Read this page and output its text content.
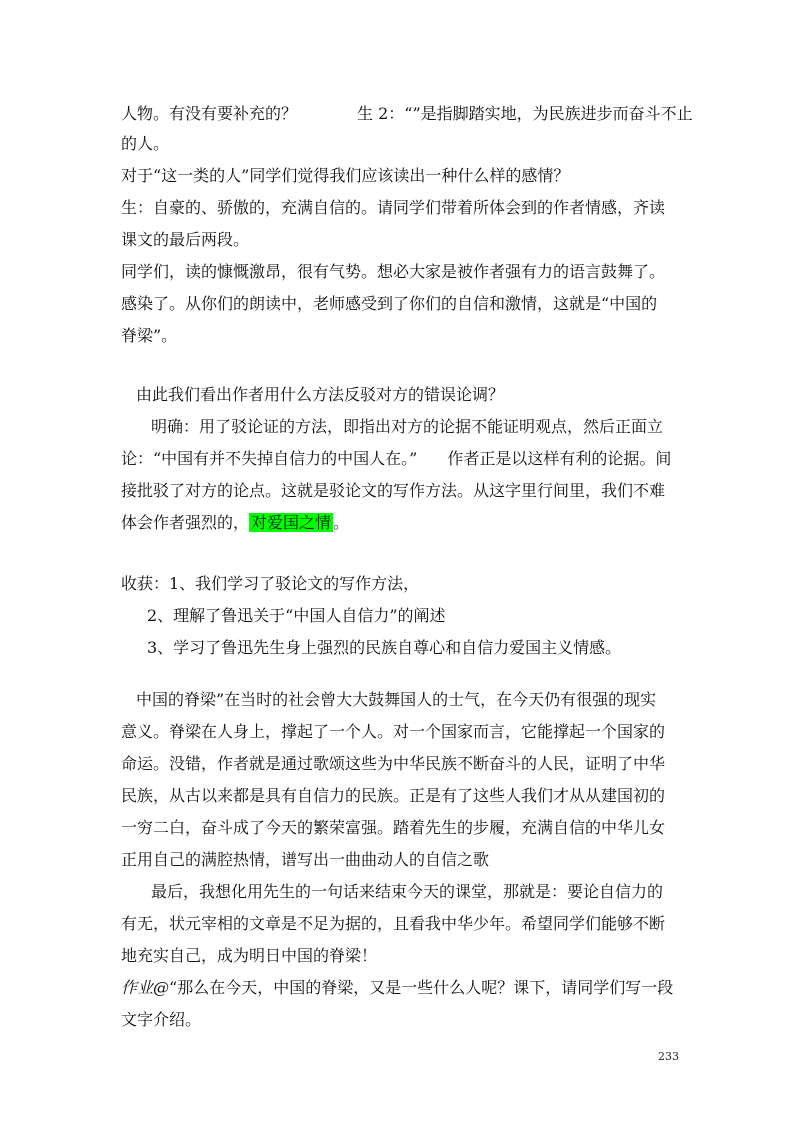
人物。有没有要补充的？	生 2：“”是指脚踏实地，为民族进步而奋斗不止
的人。
对于“这一类的人”同学们觉得我们应该读出一种什么样的感情？
生：自豪的、骄傲的，充满自信的。请同学们带着所体会到的作者情感，齐读
课文的最后两段。
同学们，读的慷慨激昂，很有气势。想必大家是被作者强有力的语言鼓舞了。
感染了。从你们的朗读中，老师感受到了你们的自信和激情，这就是“中国的
脊梁”。
由此我们看出作者用什么方法反驳对方的错误论调？
明确：用了驳论证的方法，即指出对方的论据不能证明观点，然后正面立
论：“中国有并不失掉自信力的中国人在。” 作者正是以这样有利的论据。间
接批驳了对方的论点。这就是驳论文的写作方法。从这字里行间里，我们不难
体会作者强烈的， 对爱国之情 。
收获：1、我们学习了驳论文的写作方法，
2、理解了鲁迅关于“中国人自信力”的阐述
3、学习了鲁迅先生身上强烈的民族自尊心和自信力爱国主义情感。
中国的脊梁”在当时的社会曾大大鼓舞国人的士气，在今天仍有很强的现实
意义。脊梁在人身上，撑起了一个人。对一个国家而言，它能撑起一个国家的
命运。没错，作者就是通过歌颂这些为中华民族不断奋斗的人民，证明了中华
民族，从古以来都是具有自信力的民族。正是有了这些人我们才从从建国初的
一穷二白，奋斗成了今天的繁荣富强。踏着先生的步履，充满自信的中华儿女
正用自己的满腔热情，谱写出一曲曲动人的自信之歌
最后，我想化用先生的一句话来结束今天的课堂，那就是：要论自信力的
有无，状元宰相的文章是不足为据的，且看我中华少年。希望同学们能够不断
地充实自己，成为明日中国的脊梁！
作业@“那么在今天，中国的脊梁，又是一些什么人呢？课下，请同学们写一段
文字介绍。
233
